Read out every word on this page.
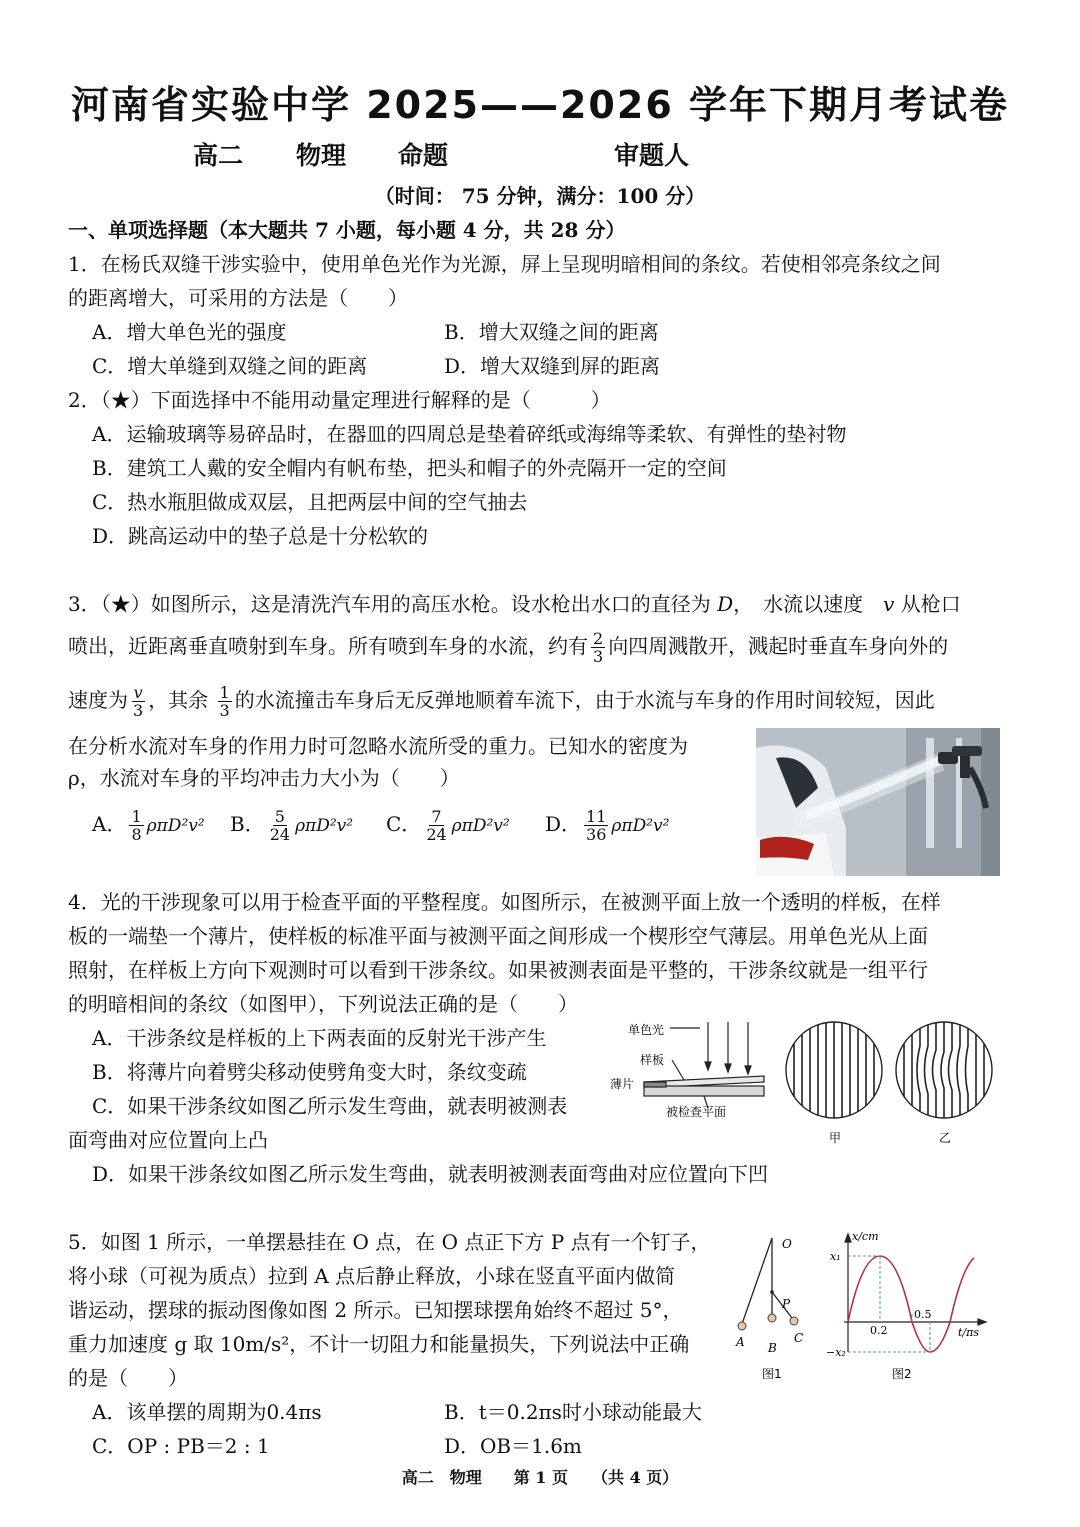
河南省实验中学 2025——2026 学年下期月考试卷
高二 物理 命题	审题人
（时间： 75 分钟，满分：100 分）
一、单项选择题（本大题共 7 小题，每小题 4 分，共 28 分）
1．在杨氏双缝干涉实验中，使用单色光作为光源，屏上呈现明暗相间的条纹。若使相邻亮条纹之间
的距离增大，可采用的方法是（　　）
A．增大单色光的强度	B．增大双缝之间的距离
C．增大单缝到双缝之间的距离	D．增大双缝到屏的距离
2．（★）下面选择中不能用动量定理进行解释的是（　　　）
A．运输玻璃等易碎品时，在器皿的四周总是垫着碎纸或海绵等柔软、有弹性的垫衬物
B．建筑工人戴的安全帽内有帆布垫，把头和帽子的外壳隔开一定的空间
C．热水瓶胆做成双层，且把两层中间的空气抽去
D．跳高运动中的垫子总是十分松软的
3．（★）如图所示，这是清洗汽车用的高压水枪。设水枪出水口的直径为 D，　水流以速度　v 从枪口
喷出，近距离垂直喷射到车身。所有喷到车身的水流，约有 $\frac{2}{3}$ 向四周溅散开，溅起时垂直车身向外的
速度为 $\frac{v}{3}$ ，其余 $\frac{1}{3}$ 的水流撞击车身后无反弹地顺着车流下，由于水流与车身的作用时间较短，因此
在分析水流对车身的作用力时可忽略水流所受的重力。已知水的密度为
ρ，水流对车身的平均冲击力大小为（　　）
A． $\frac{1}{8} \rho\pi D^2v^2$ B． $\frac{5}{24} \rho\pi D^2v^2$ C． $\frac{7}{24} \rho\pi D^2v^2$ D． $\frac{11}{36} \rho\pi D^2v^2$
4．光的干涉现象可以用于检查平面的平整程度。如图所示，在被测平面上放一个透明的样板，在样
板的一端垫一个薄片，使样板的标准平面与被测平面之间形成一个楔形空气薄层。用单色光从上面
照射，在样板上方向下观测时可以看到干涉条纹。如果被测表面是平整的，干涉条纹就是一组平行
的明暗相间的条纹（如图甲），下列说法正确的是（　　）
A．干涉条纹是样板的上下两表面的反射光干涉产生
B．将薄片向着劈尖移动使劈角变大时，条纹变疏
C．如果干涉条纹如图乙所示发生弯曲，就表明被测表
面弯曲对应位置向上凸
D．如果干涉条纹如图乙所示发生弯曲，就表明被测表面弯曲对应位置向下凹
单色光
样板
薄片
被检查平面
甲	乙
5．如图 1 所示，一单摆悬挂在 O 点，在 O 点正下方 P 点有一个钉子，
将小球（可视为质点）拉到 A 点后静止释放，小球在竖直平面内做简
谐运动，摆球的振动图像如图 2 所示。已知摆球摆角始终不超过 5°，
重力加速度 g 取 10m/s²，不计一切阻力和能量损失，下列说法中正确
的是（　　）
A．该单摆的周期为0.4πs	B．t＝0.2πs时小球动能最大
C．OP : PB＝2 : 1	D．OB＝1.6m
O
P
A B
C
图1
x/cm
x₁
−x₂
0.2
0.5
t/πs
图2
高二　物理　　第 1 页　　（共 4 页）
